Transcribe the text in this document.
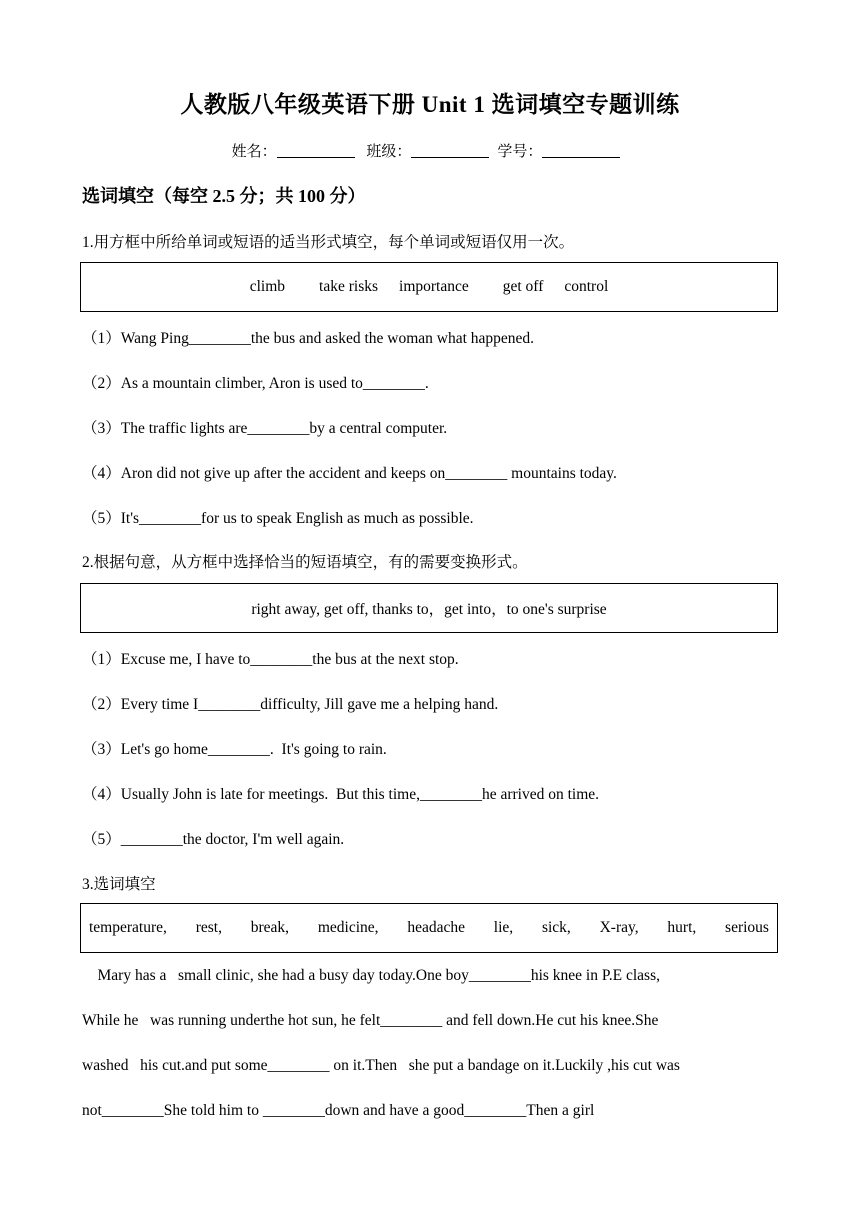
人教版八年级英语下册 Unit 1 选词填空专题训练
姓名：	班级：	学号：
选词填空（每空 2.5 分；共 100 分）
1.用方框中所给单词或短语的适当形式填空，每个单词或短语仅用一次。
climb take risks importance get off control
（1）Wang Ping________the bus and asked the woman what happened.
（2）As a mountain climber, Aron is used to________.
（3）The traffic lights are________by a central computer.
（4）Aron did not give up after the accident and keeps on________ mountains today.
（5）It's________for us to speak English as much as possible.
2.根据句意，从方框中选择恰当的短语填空，有的需要变换形式。
right away, get off, thanks to，get into，to one's surprise
（1）Excuse me, I have to________the bus at the next stop.
（2）Every time I________difficulty, Jill gave me a helping hand.
（3）Let's go home________.  It's going to rain.
（4）Usually John is late for meetings.  But this time,________he arrived on time.
（5）________the doctor, I'm well again.
3.选词填空
temperature, rest, break, medicine, headache lie, sick, X-ray, hurt, serious
Mary has a   small clinic, she had a busy day today.One boy________his knee in P.E class,
While he   was running underthe hot sun, he felt________ and fell down.He cut his knee.She
washed   his cut.and put some________ on it.Then   she put a bandage on it.Luckily ,his cut was
not________She told him to ________down and have a good________Then a girl
